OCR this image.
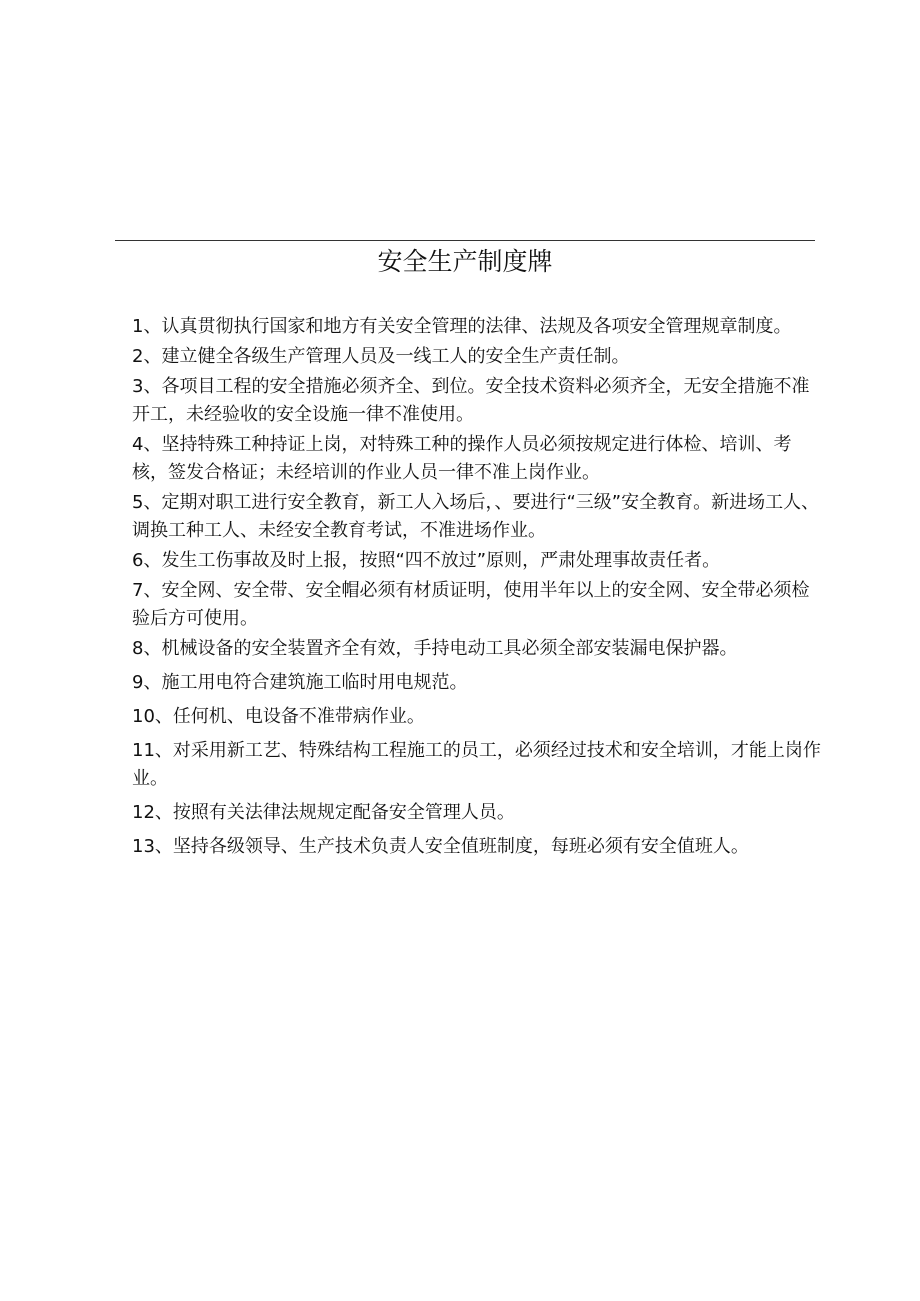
安全生产制度牌
1、认真贯彻执行国家和地方有关安全管理的法律、法规及各项安全管理规章制度。
2、建立健全各级生产管理人员及一线工人的安全生产责任制。
3、各项目工程的安全措施必须齐全、到位。安全技术资料必须齐全，无安全措施不准开工，未经验收的安全设施一律不准使用。
4、坚持特殊工种持证上岗，对特殊工种的操作人员必须按规定进行体检、培训、考核，签发合格证；未经培训的作业人员一律不准上岗作业。
5、定期对职工进行安全教育，新工人入场后，、要进行“三级”安全教育。新进场工人、调换工种工人、未经安全教育考试，不准进场作业。
6、发生工伤事故及时上报，按照“四不放过”原则，严肃处理事故责任者。
7、安全网、安全带、安全帽必须有材质证明，使用半年以上的安全网、安全带必须检验后方可使用。
8、机械设备的安全装置齐全有效，手持电动工具必须全部安装漏电保护器。
9、施工用电符合建筑施工临时用电规范。
10、任何机、电设备不准带病作业。
11、对采用新工艺、特殊结构工程施工的员工，必须经过技术和安全培训，才能上岗作业。
12、按照有关法律法规规定配备安全管理人员。
13、坚持各级领导、生产技术负责人安全值班制度，每班必须有安全值班人。
